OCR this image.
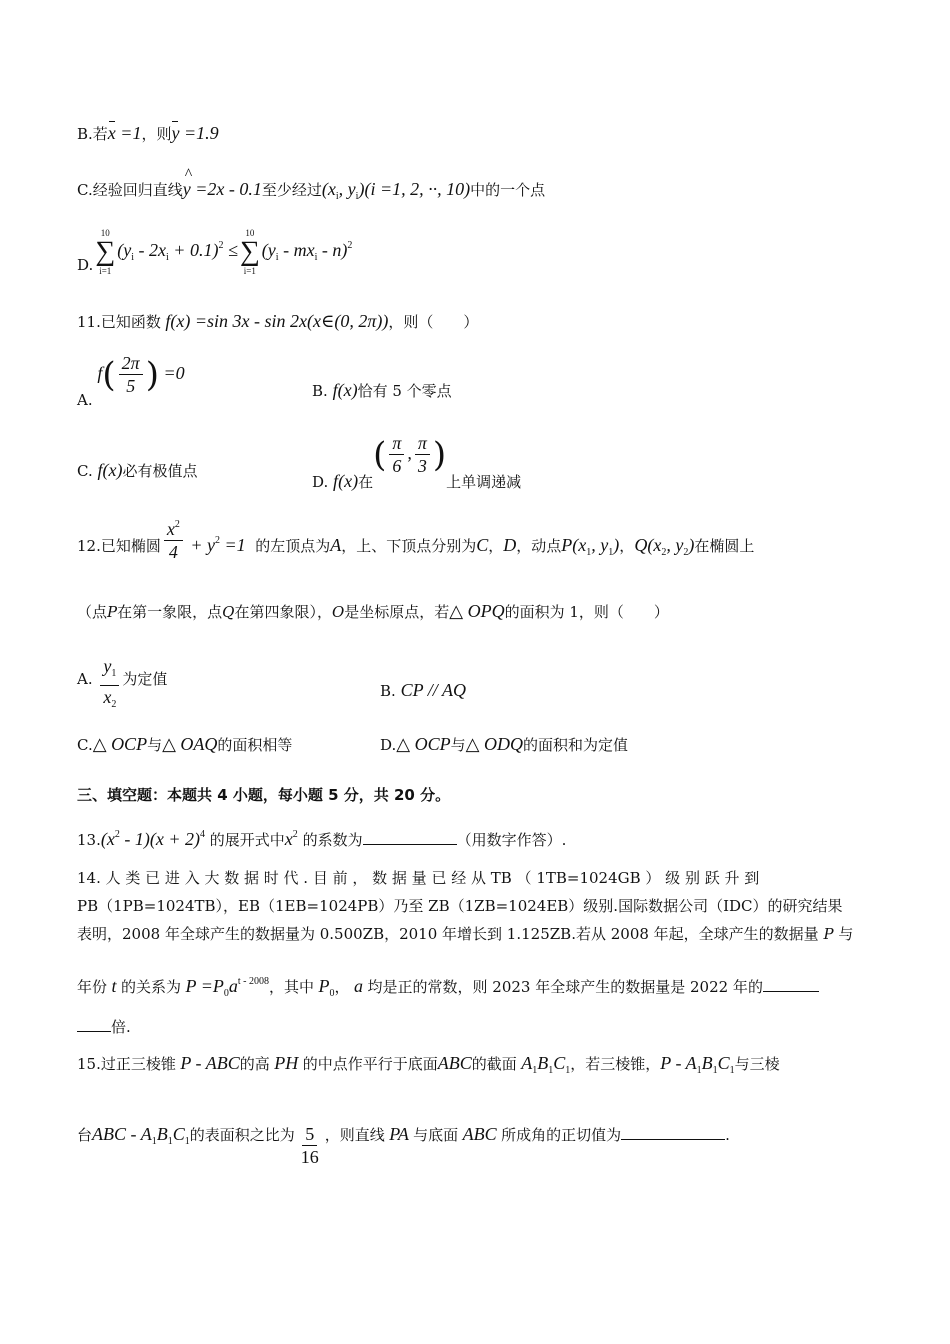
B.若x =1，则y =1.9
C.经验回归直线^ y =2x - 0.1至少经过($x_i$, $y_i)(i =1$, 2, ··, 10)中的一个点
D.
10
∑
i=1
$(y_i - 2x_i + 0.1)^2$ ≤
10
∑
i=1
$(y_i - mx_i - n)^2$
11.已知函数 f(x) =sin 3x - sin 2x(x∈(0, 2π))，则（　　）
A. $f( \frac{2\pi}{5}$ ) =0
B. f(x)恰有 5 个零点
C. f(x)必有极值点
D. f(x)在( $\frac{\pi}{6}$ , $\frac{\pi}{3}$ )上单调递减
12.已知椭圆 $\frac{x^2}{4} + y^2 =1$ 的左顶点为A，上、下顶点分别为C，D，动点$P(x_1$, $y_1$)，$Q(x_2$, $y_2$)在椭圆上
（点P在第一象限，点Q在第四象限），O是坐标原点，若△ OPQ的面积为 1，则（　　）
A. $\frac{y_1}{x_2}$ 为定值
B. CP // AQ
C.△ OCP与△ OAQ的面积相等	D.△ OCP与△ ODQ的面积和为定值
三、填空题：本题共 4 小题，每小题 5 分，共 20 分。
$13.(x^2 - 1)(x + 2)^4$ 的展开式中$x^2$ 的系数为	（用数字作答）.
14. 人 类 已 进 入 大 数 据 时 代 . 目 前 ， 数 据 量 已 经 从 TB （ 1TB=1024GB ） 级 别 跃 升 到
PB（1PB=1024TB），EB（1EB=1024PB）乃至 ZB（1ZB=1024EB）级别.国际数据公司（IDC）的研究结果
表明，2008 年全球产生的数据量为 0.500ZB，2010 年增长到 1.125ZB.若从 2008 年起，全球产生的数据量 P 与
年份 t 的关系为 $P =P_0a^{t - 2008}$，其中 $P_0$， a 均是正的常数，则 2023 年全球产生的数据量是 2022 年的
倍.
15.过正三棱锥 P - ABC的高 PH 的中点作平行于底面ABC的截面 $A_1B_1C_1$，若三棱锥，P - $A_1B_1C_1$与三棱
台ABC - $A_1B_1C_1$的表面积之比为 $\frac{5}{16}$ ，则直线 PA 与底面 ABC 所成角的正切值为	.
